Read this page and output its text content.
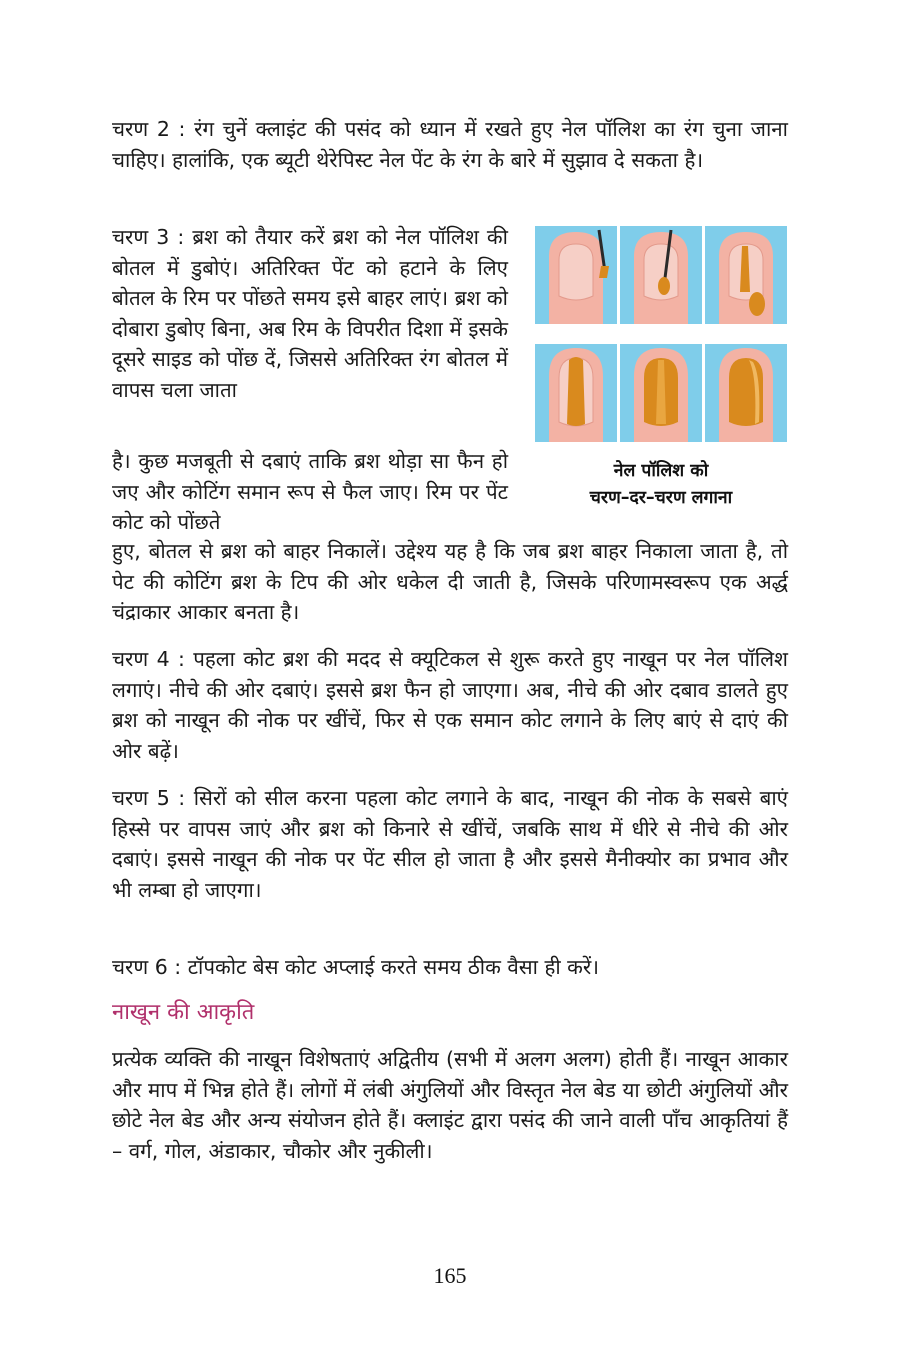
चरण 2 : रंग चुनें क्लाइंट की पसंद को ध्यान में रखते हुए नेल पॉलिश का रंग चुना जाना चाहिए। हालांकि, एक ब्यूटी थेरेपिस्ट नेल पेंट के रंग के बारे में सुझाव दे सकता है।

चरण 3 : ब्रश को तैयार करें ब्रश को नेल पॉलिश की बोतल में डुबोएं। अतिरिक्त पेंट को हटाने के लिए बोतल के रिम पर पोंछते समय इसे बाहर लाएं। ब्रश को दोबारा डुबोए बिना, अब रिम के विपरीत दिशा में इसके दूसरे साइड को पोंछ दें, जिससे अतिरिक्त रंग बोतल में वापस चला जाता

है। कुछ मजबूती से दबाएं ताकि ब्रश थोड़ा सा फैन हो जए और कोटिंग समान रूप से फैल जाए। रिम पर पेंट कोट को पोंछते

नेल पॉलिश को
चरण–दर–चरण लगाना

हुए, बोतल से ब्रश को बाहर निकालें। उद्देश्य यह है कि जब ब्रश बाहर निकाला जाता है, तो पेट की कोटिंग ब्रश के टिप की ओर धकेल दी जाती है, जिसके परिणामस्वरूप एक अर्द्ध चंद्राकार आकार बनता है।

चरण 4 : पहला कोट ब्रश की मदद से क्यूटिकल से शुरू करते हुए नाखून पर नेल पॉलिश लगाएं। नीचे की ओर दबाएं। इससे ब्रश फैन हो जाएगा। अब, नीचे की ओर दबाव डालते हुए ब्रश को नाखून की नोक पर खींचें, फिर से एक समान कोट लगाने के लिए बाएं से दाएं की ओर बढ़ें।

चरण 5 : सिरों को सील करना पहला कोट लगाने के बाद, नाखून की नोक के सबसे बाएं हिस्से पर वापस जाएं और ब्रश को किनारे से खींचें, जबकि साथ में धीरे से नीचे की ओर दबाएं। इससे नाखून की नोक पर पेंट सील हो जाता है और इससे मैनीक्योर का प्रभाव और भी लम्बा हो जाएगा।

चरण 6 : टॉपकोट बेस कोट अप्लाई करते समय ठीक वैसा ही करें।

नाखून की आकृति

प्रत्येक व्यक्ति की नाखून विशेषताएं अद्वितीय (सभी में अलग अलग) होती हैं। नाखून आकार और माप में भिन्न होते हैं। लोगों में लंबी अंगुलियों और विस्तृत नेल बेड या छोटी अंगुलियों और छोटे नेल बेड और अन्य संयोजन होते हैं। क्लाइंट द्वारा पसंद की जाने वाली पाँच आकृतियां हैं – वर्ग, गोल, अंडाकार, चौकोर और नुकीली।

165
